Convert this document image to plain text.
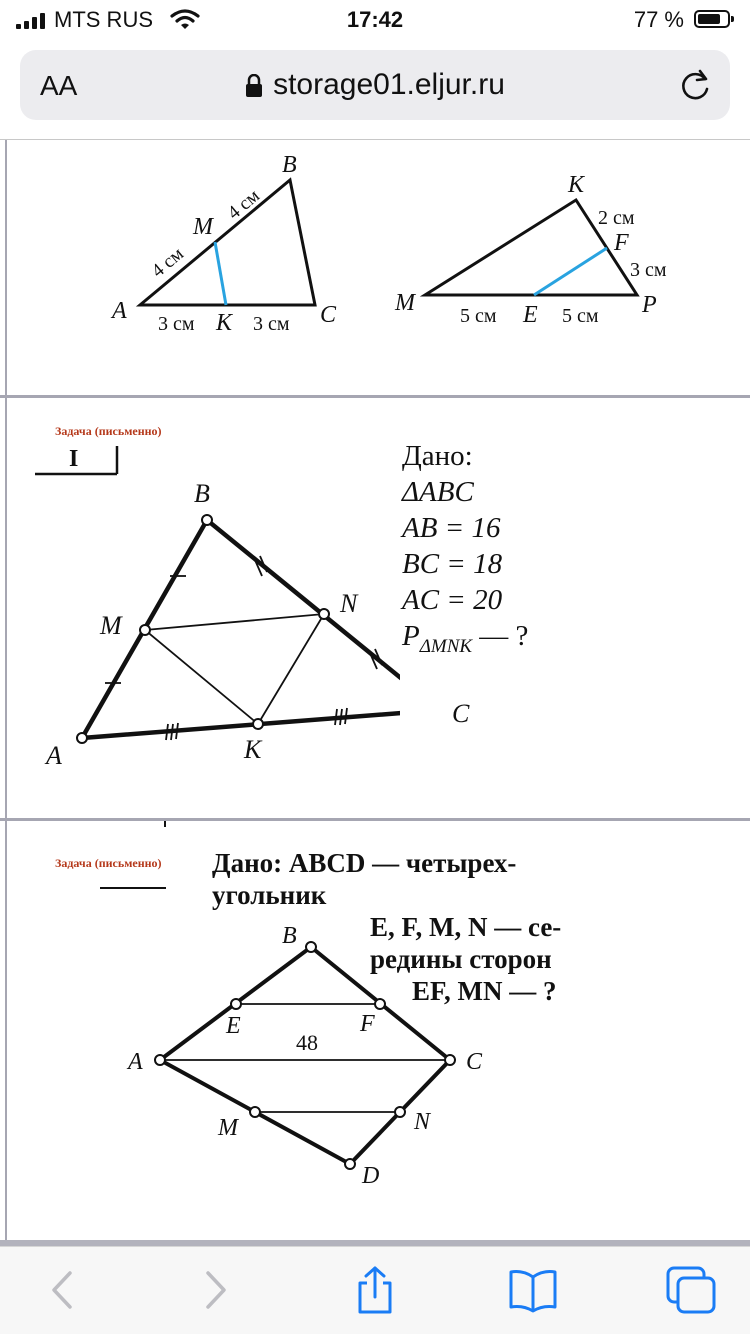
MTS RUS	17:42	77 %
AA	storage01.eljur.ru
A
B
C
M
K
4 см
4 см
3 см	3 см
M
K
P
F
E
2 см
3 см
5 см	5 см
Задача (письменно)
I
A
B
M
N
K
C
Дано:
ΔABC
AB = 16
BC = 18
AC = 20
$P_{\Delta MNK}$ — ?
Задача (письменно) Дано: ABCD — четырех-
угольник
E, F, M, N — се-
редины сторон
EF, MN — ?
A
B
C
D
E	F
M	N
48
